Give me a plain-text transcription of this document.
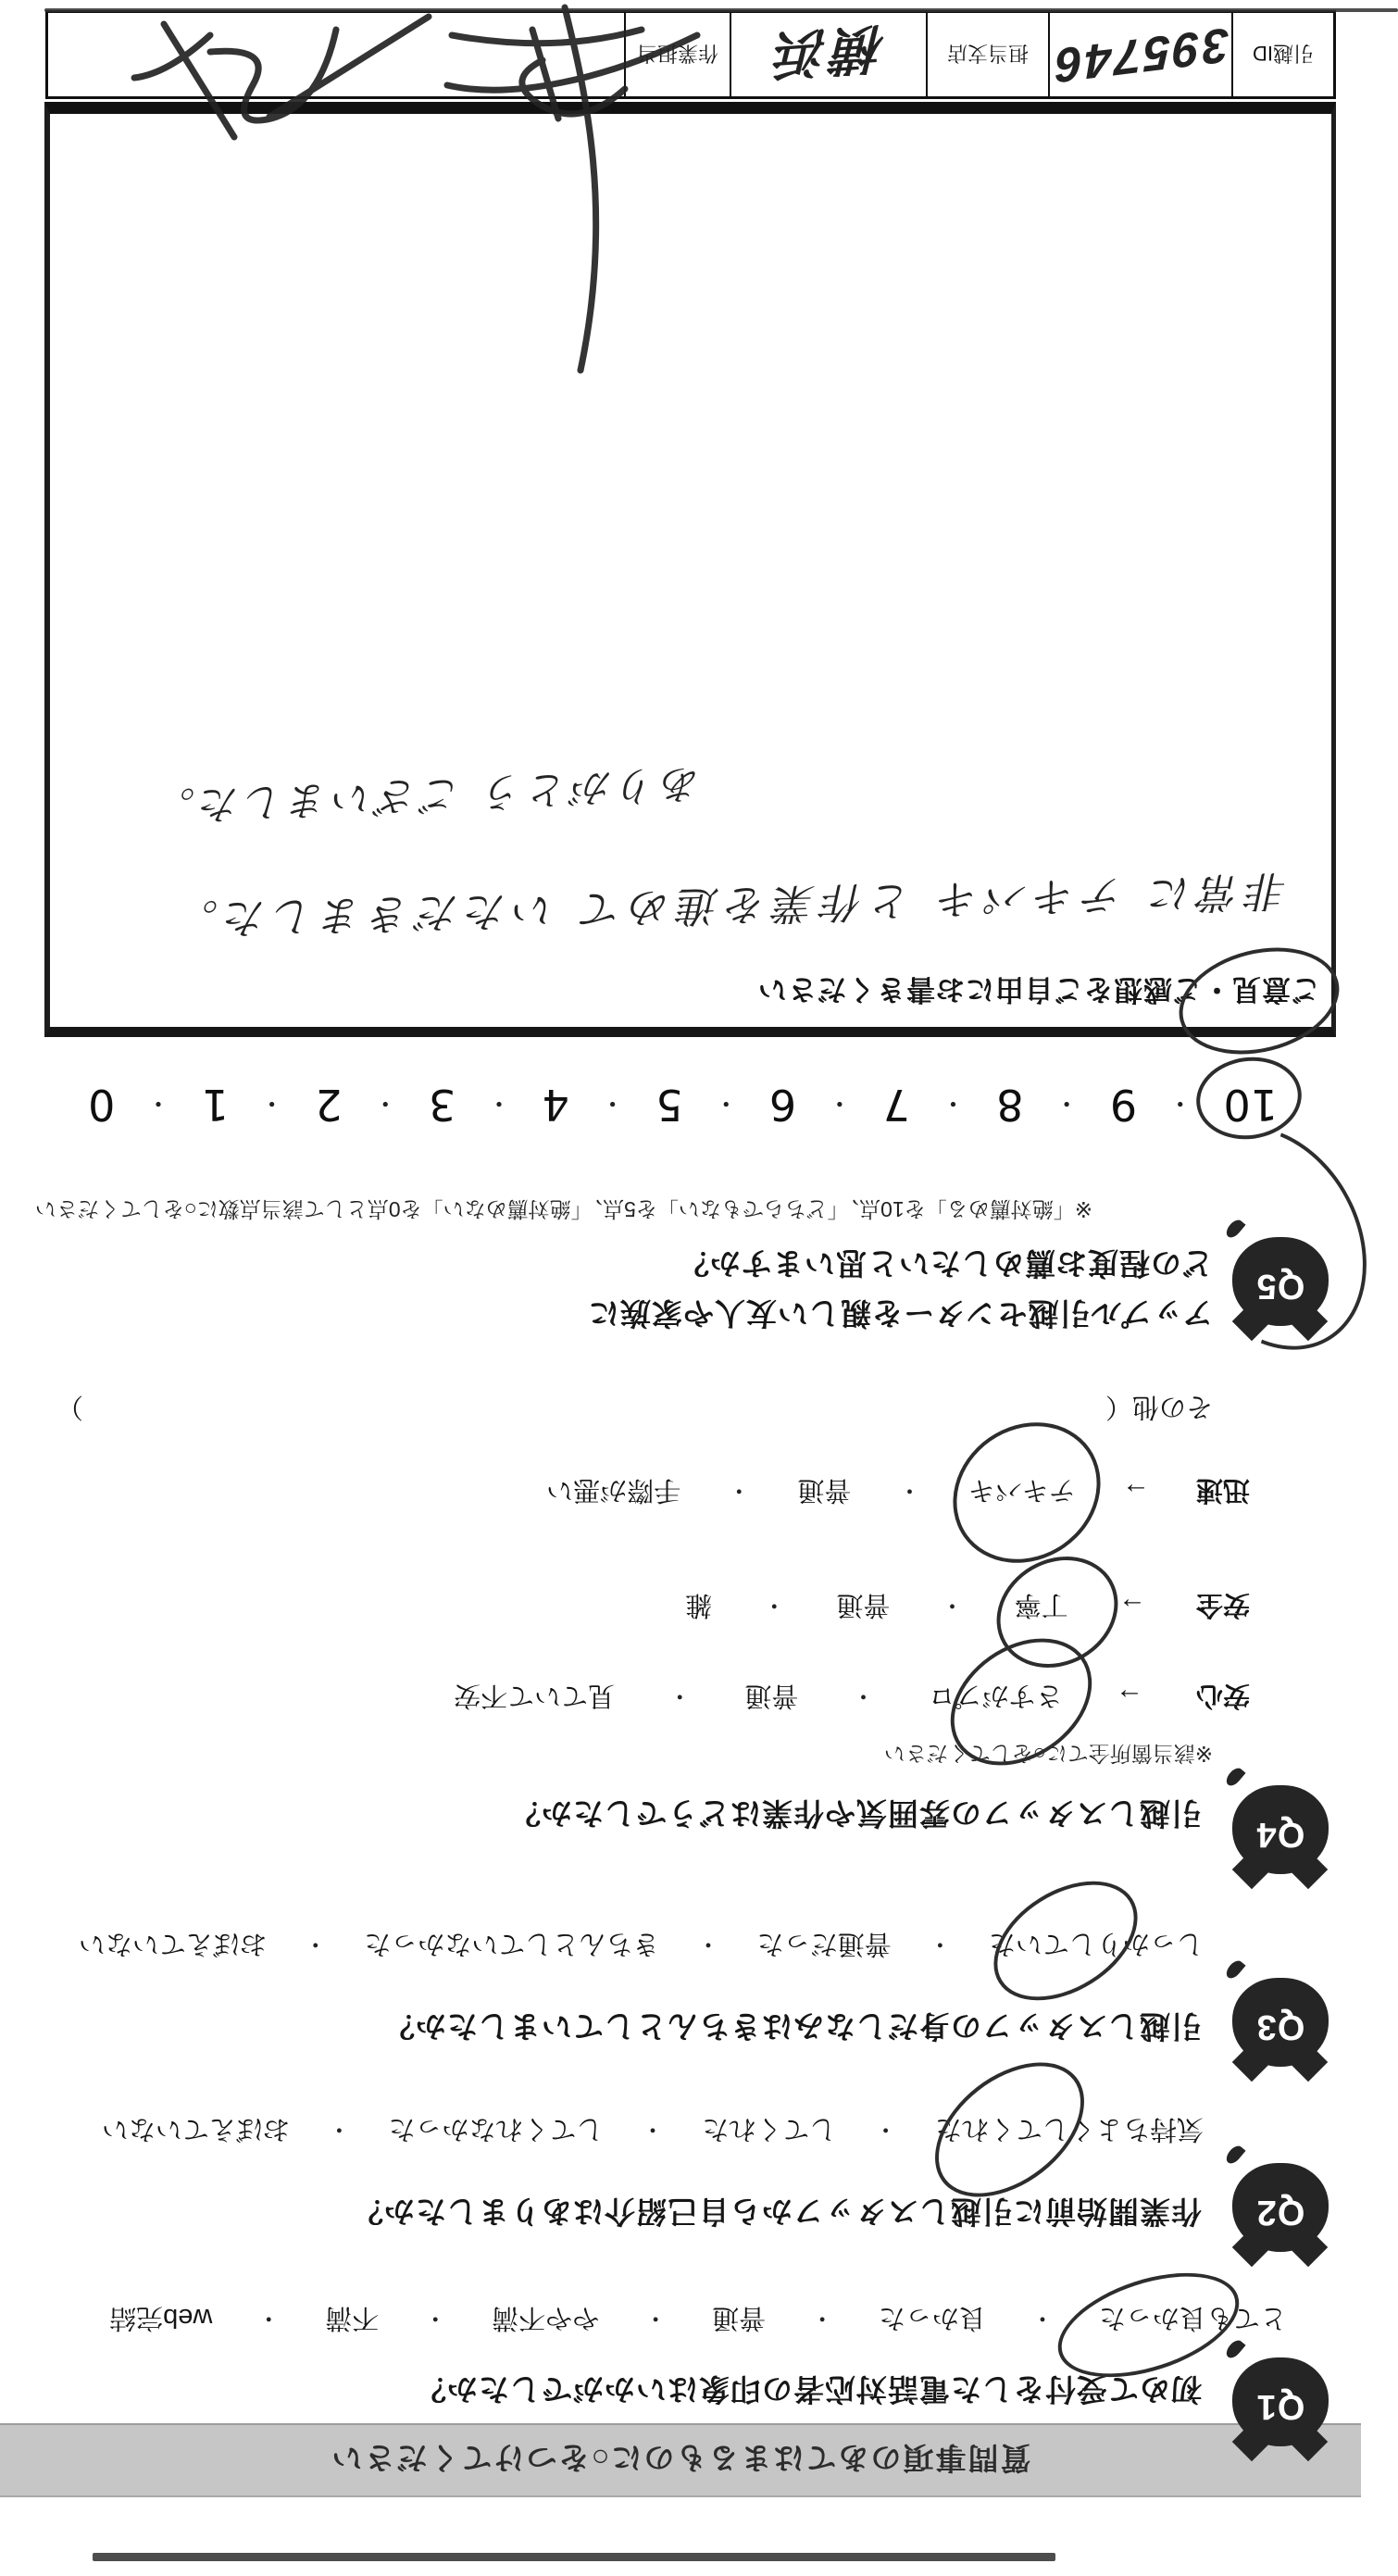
質問事項のあてはまるものに○をつけてください
Q1
初めて受付をした電話対応者の印象はいかがでしたか？
とても良かった
・
良かった
・
普通
・
やや不満
・
不満
・
web完結
Q2
作業開始前に引越しスタッフから自己紹介はありましたか？
気持ちよくしてくれた
・
してくれた
・
してくれなかった
・
おぼえていない
Q3
引越しスタッフの身だしなみはきちんとしていましたか？
しっかりしていた
・
普通だった
・
きちんとしていなかった
・
おぼえていない
Q4
引越しスタッフの雰囲気や作業はどうでしたか？
※該当箇所全てに○をしてください
安心
→
さすがプロ
・
普通
・
見ていて不安
安全
→
丁寧
・
普通
・
雑
迅速
→
テキパキ
・
普通
・
手際が悪い
その他
（
）
Q5
アップル引越センターを親しい友人や家族に
どの程度お薦めしたいと思いますか？
※「絶対薦める」を10点、「どちらでもない」を5点、「絶対薦めない」を0点として該当点数に○をしてください
10
・
9
・
8
・
7
・
6
・
5
・
4
・
3
・
2
・
1
・
0
ご意見・ご感想をご自由にお書きください
非常に テキパキ と作業を進めて いただきました。
ありがとう ございました。
引越ID
395746
担当支店
横浜
作業担当
